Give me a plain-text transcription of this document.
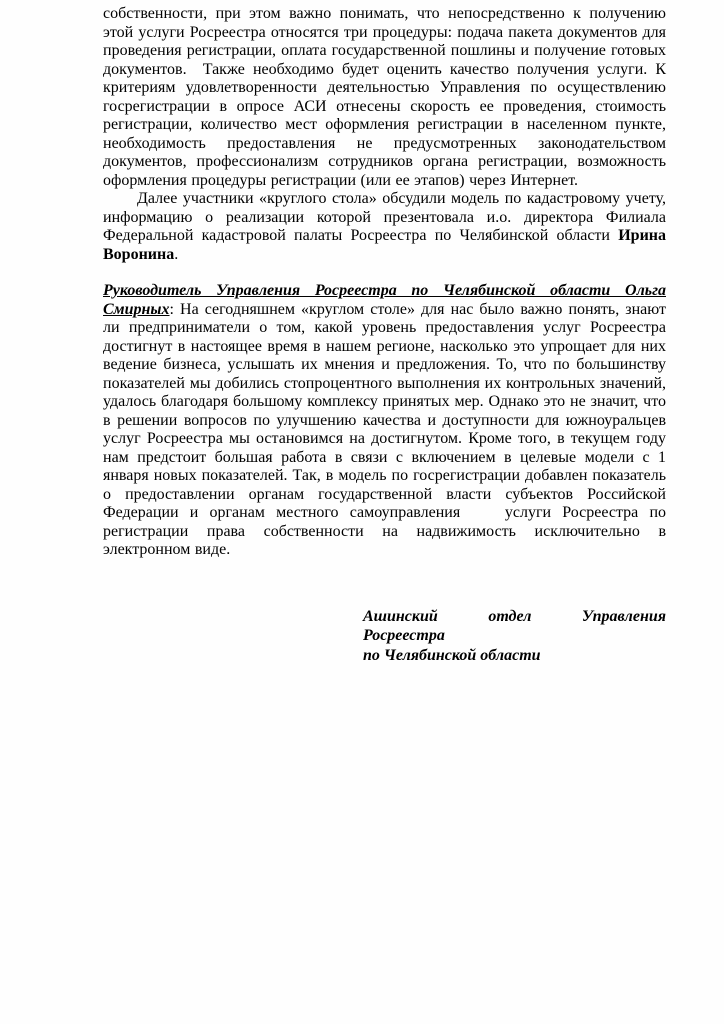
собственности, при этом важно понимать, что непосредственно к получению этой услуги Росреестра относятся три процедуры: подача пакета документов для проведения регистрации, оплата государственной пошлины и получение готовых документов.  Также необходимо будет оценить качество получения услуги. К критериям удовлетворенности деятельностью Управления по осуществлению госрегистрации в опросе АСИ отнесены скорость ее проведения, стоимость регистрации, количество мест оформления регистрации в населенном пункте, необходимость предоставления не предусмотренных законодательством документов, профессионализм сотрудников органа регистрации, возможность оформления процедуры регистрации (или ее этапов) через Интернет.

Далее участники «круглого стола» обсудили модель по кадастровому учету, информацию о реализации которой презентовала и.о. директора Филиала Федеральной кадастровой палаты Росреестра по Челябинской области Ирина Воронина.

Руководитель Управления Росреестра по Челябинской области Ольга Смирных: На сегодняшнем «круглом столе» для нас было важно понять, знают ли предприниматели о том, какой уровень предоставления услуг Росреестра достигнут в настоящее время в нашем регионе, насколько это упрощает для них ведение бизнеса, услышать их мнения и предложения. То, что по большинству показателей мы добились стопроцентного выполнения их контрольных значений, удалось благодаря большому комплексу принятых мер. Однако это не значит, что в решении вопросов по улучшению качества и доступности для южноуральцев услуг Росреестра мы остановимся на достигнутом. Кроме того, в текущем году нам предстоит большая работа в связи с включением в целевые модели с 1 января новых показателей. Так, в модель по госрегистрации добавлен показатель о предоставлении органам государственной власти субъектов Российской Федерации и органам местного самоуправления    услуги Росреестра по регистрации права собственности на надвижимость исключительно в электронном виде.

Ашинский отдел Управления
Росреестра
по Челябинской области
